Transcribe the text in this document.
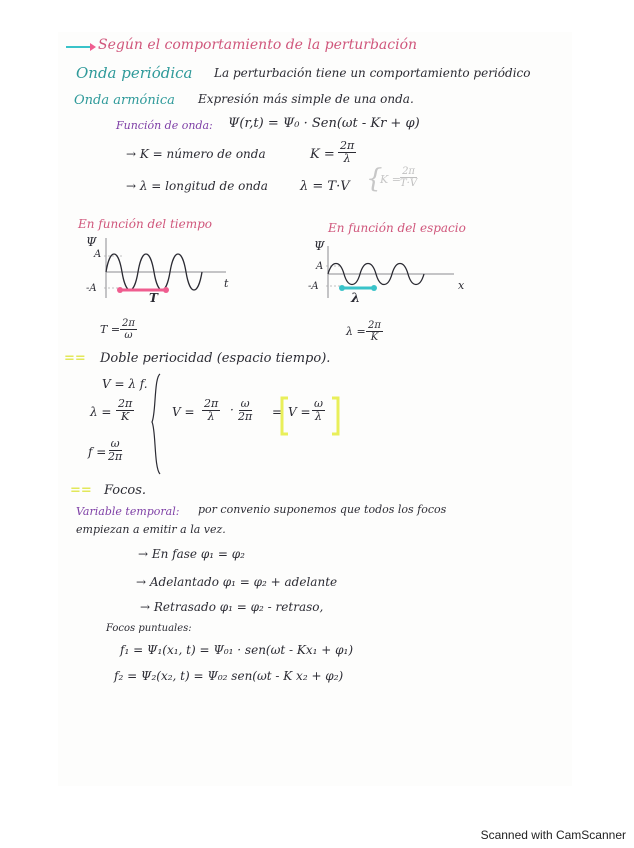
Según el comportamiento de la perturbación
Onda periódica La perturbación tiene un comportamiento periódico
Onda armónica Expresión más simple de una onda.
Función de onda: Ψ(r,t) = Ψ₀ · Sen(ωt - Kr + φ)
→ K = número de onda	$K = \frac{2\pi}{\lambda}$
→ λ = longitud de onda λ = T·V {
$K = \frac{2\pi}{T\cdot V}$
En función del tiempo
Ψ
A
-A	t
T
$T = \frac{2\pi}{\omega}$
En función del espacio
Ψ
A
-A	x
λ
$\lambda = \frac{2\pi}{K}$
== Doble periocidad (espacio tiempo).
V = λ f.
$\lambda = \frac{2\pi}{K}$
$f = \frac{\omega}{2\pi}$
$V = \frac{2\pi}{\lambda} \cdot \frac{\omega}{2\pi} = V = \frac{\omega}{\lambda}$
== Focos.
Variable temporal: por convenio suponemos que todos los focos
empiezan a emitir a la vez.
→ En fase φ₁ = φ₂
→ Adelantado φ₁ = φ₂ + adelante
→ Retrasado φ₁ = φ₂ - retraso,
Focos puntuales:
f₁ = Ψ₁(x₁, t) = Ψ₀₁ · sen(ωt - Kx₁ + φ₁)
f₂ = Ψ₂(x₂, t) = Ψ₀₂ sen(ωt - K x₂ + φ₂)
Scanned with CamScanner
